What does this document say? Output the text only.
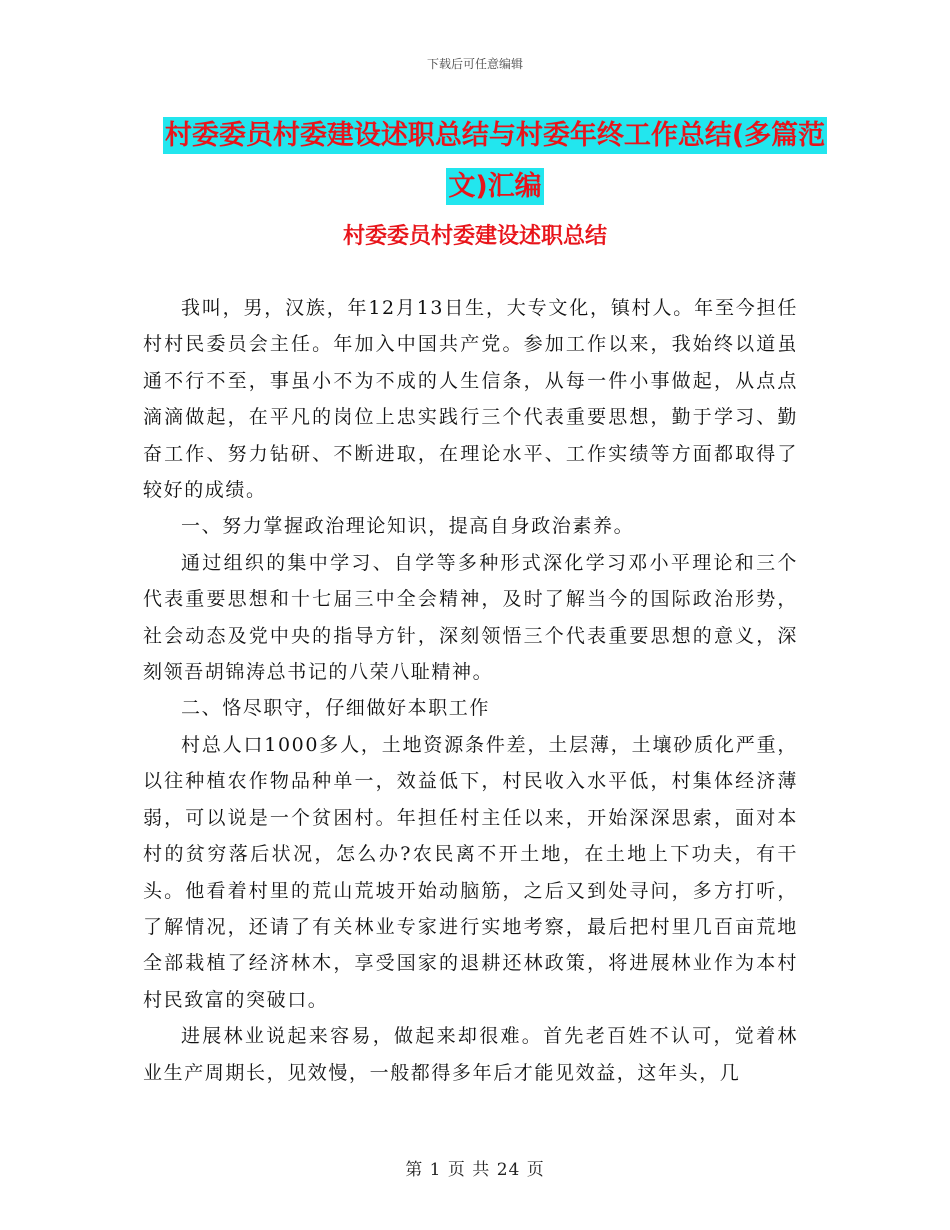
下载后可任意编辑
村委委员村委建设述职总结与村委年终工作总结(多篇范文)汇编
村委委员村委建设述职总结

我叫，男，汉族，年12月13日生，大专文化，镇村人。年至今担任村村民委员会主任。年加入中国共产党。参加工作以来，我始终以道虽通不行不至，事虽小不为不成的人生信条，从每一件小事做起，从点点滴滴做起，在平凡的岗位上忠实践行三个代表重要思想，勤于学习、勤奋工作、努力钻研、不断进取，在理论水平、工作实绩等方面都取得了较好的成绩。

一、努力掌握政治理论知识，提高自身政治素养。

通过组织的集中学习、自学等多种形式深化学习邓小平理论和三个代表重要思想和十七届三中全会精神，及时了解当今的国际政治形势，社会动态及党中央的指导方针，深刻领悟三个代表重要思想的意义，深刻领吾胡锦涛总书记的八荣八耻精神。

二、恪尽职守，仔细做好本职工作

村总人口1000多人，土地资源条件差，土层薄，土壤砂质化严重，以往种植农作物品种单一，效益低下，村民收入水平低，村集体经济薄弱，可以说是一个贫困村。年担任村主任以来，开始深深思索，面对本村的贫穷落后状况，怎么办?农民离不开土地，在土地上下功夫，有干头。他看着村里的荒山荒坡开始动脑筋，之后又到处寻问，多方打听，了解情况，还请了有关林业专家进行实地考察，最后把村里几百亩荒地全部栽植了经济林木，享受国家的退耕还林政策，将进展林业作为本村村民致富的突破口。

进展林业说起来容易，做起来却很难。首先老百姓不认可，觉着林业生产周期长，见效慢，一般都得多年后才能见效益，这年头，几

第 1 页 共 24 页
